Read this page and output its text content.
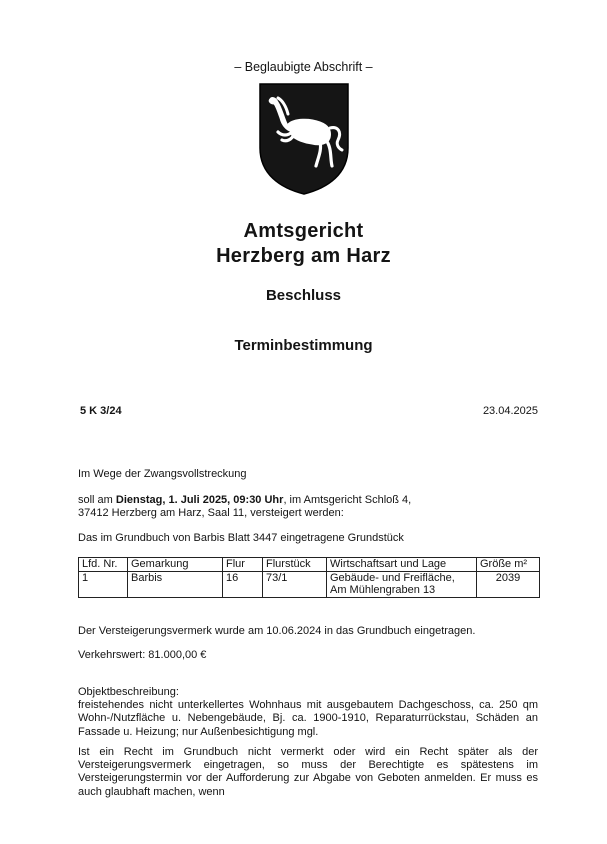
– Beglaubigte Abschrift –
Amtsgericht
Herzberg am Harz
Beschluss
Terminbestimmung
5 K 3/24	23.04.2025
Im Wege der Zwangsvollstreckung
soll am Dienstag, 1. Juli 2025, 09:30 Uhr, im Amtsgericht Schloß 4,
37412 Herzberg am Harz, Saal 11, versteigert werden:
Das im Grundbuch von Barbis Blatt 3447 eingetragene Grundstück
Lfd. Nr.	Gemarkung	Flur	Flurstück	Wirtschaftsart und Lage	Größe m²
1	Barbis	16	73/1	Gebäude- und Freifläche, Am Mühlengraben 13	2039
Der Versteigerungsvermerk wurde am 10.06.2024 in das Grundbuch eingetragen.
Verkehrswert: 81.000,00 €
Objektbeschreibung:
freistehendes nicht unterkellertes Wohnhaus mit ausgebautem Dachgeschoss, ca. 250 qm Wohn-/Nutzfläche u. Nebengebäude, Bj. ca. 1900-1910, Reparaturrückstau, Schäden an Fassade u. Heizung; nur Außenbesichtigung mgl.
Ist ein Recht im Grundbuch nicht vermerkt oder wird ein Recht später als der Versteigerungsvermerk eingetragen, so muss der Berechtigte es spätestens im Versteigerungstermin vor der Aufforderung zur Abgabe von Geboten anmelden. Er muss es auch glaubhaft machen, wenn
